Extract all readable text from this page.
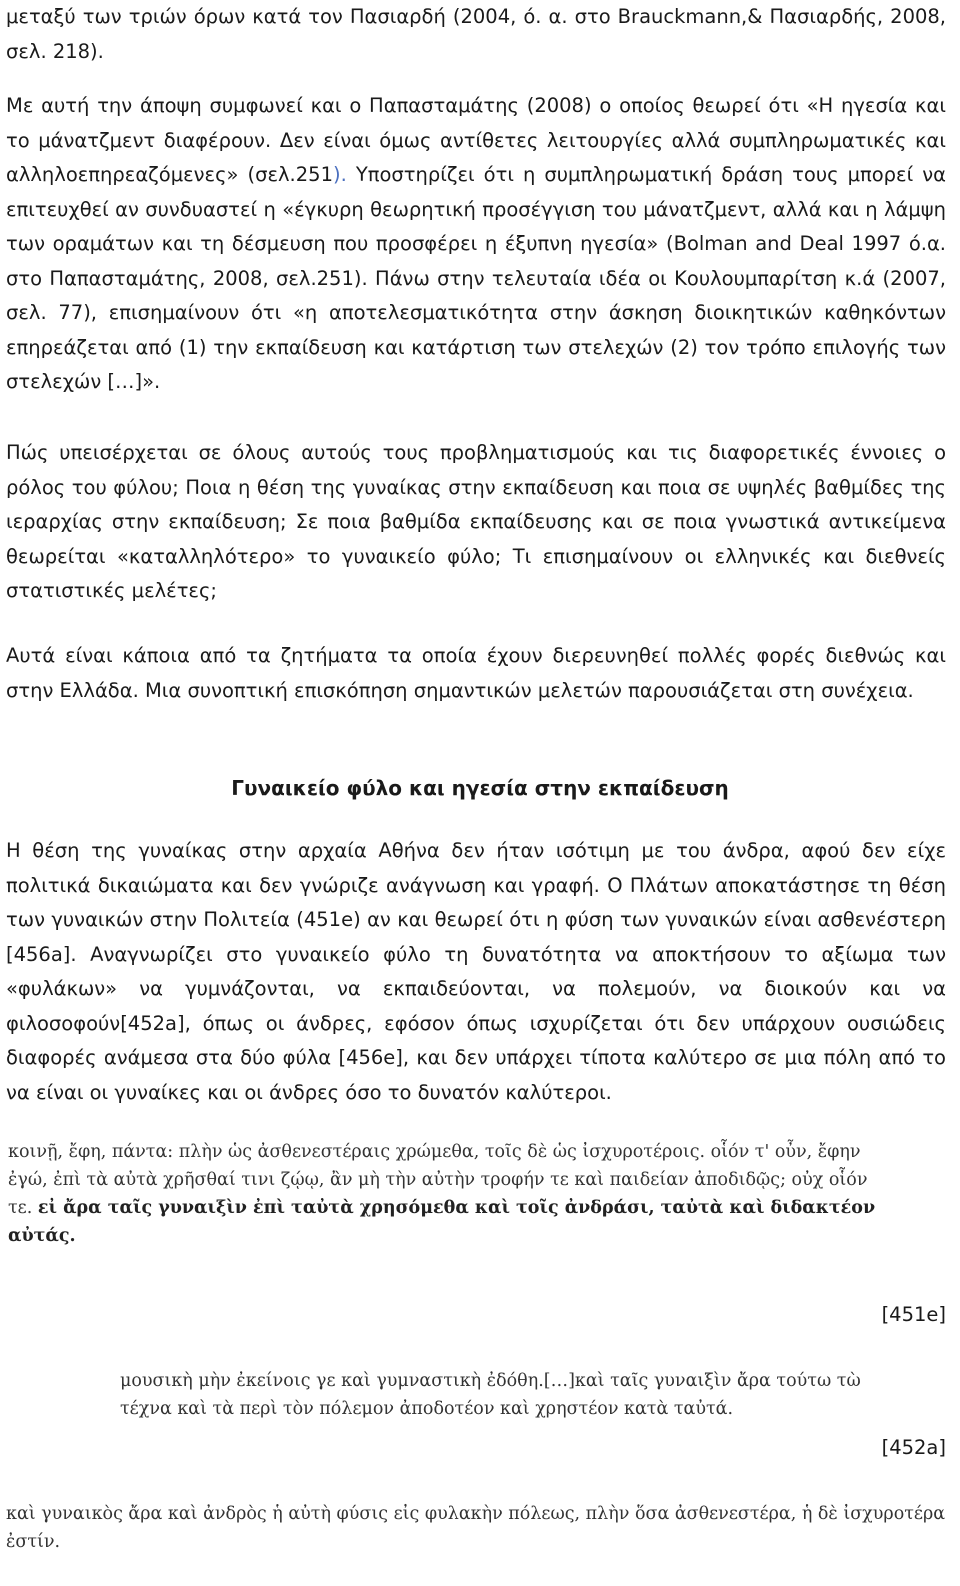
μεταξύ των τριών όρων κατά τον Πασιαρδή (2004, ό. α. στο Brauckmann,& Πασιαρδής, 2008, σελ. 218).

Με αυτή την άποψη συμφωνεί και ο Παπασταμάτης (2008) ο οποίος θεωρεί ότι «Η ηγεσία και το μάνατζμεντ διαφέρουν. Δεν είναι όμως αντίθετες λειτουργίες αλλά συμπληρωματικές και αλληλοεπηρεαζόμενες» (σελ.251). Υποστηρίζει ότι η συμπληρωματική δράση τους μπορεί να επιτευχθεί αν συνδυαστεί η «έγκυρη θεωρητική προσέγγιση του μάνατζμεντ, αλλά και η λάμψη των οραμάτων και τη δέσμευση που προσφέρει η έξυπνη ηγεσία» (Bolman and Deal 1997 ό.α. στο Παπασταμάτης, 2008, σελ.251). Πάνω στην τελευταία ιδέα οι Κουλουμπαρίτση κ.ά (2007, σελ. 77), επισημαίνουν ότι «η αποτελεσματικότητα στην άσκηση διοικητικών καθηκόντων επηρεάζεται από (1) την εκπαίδευση και κατάρτιση των στελεχών (2) τον τρόπο επιλογής των στελεχών […]».

Πώς υπεισέρχεται σε όλους αυτούς τους προβληματισμούς και τις διαφορετικές έννοιες ο ρόλος του φύλου; Ποια η θέση της γυναίκας στην εκπαίδευση και ποια σε υψηλές βαθμίδες της ιεραρχίας στην εκπαίδευση; Σε ποια βαθμίδα εκπαίδευσης και σε ποια γνωστικά αντικείμενα θεωρείται «καταλληλότερο» το γυναικείο φύλο; Τι επισημαίνουν οι ελληνικές και διεθνείς στατιστικές μελέτες;

Αυτά είναι κάποια από τα ζητήματα τα οποία έχουν διερευνηθεί πολλές φορές διεθνώς και στην Ελλάδα. Μια συνοπτική επισκόπηση σημαντικών μελετών παρουσιάζεται στη συνέχεια.

Γυναικείο φύλο και ηγεσία στην εκπαίδευση

Η θέση της γυναίκας στην αρχαία Αθήνα δεν ήταν ισότιμη με του άνδρα, αφού δεν είχε πολιτικά δικαιώματα και δεν γνώριζε ανάγνωση και γραφή. Ο Πλάτων αποκατάστησε τη θέση των γυναικών στην Πολιτεία (451e) αν και θεωρεί ότι η φύση των γυναικών είναι ασθενέστερη [456a]. Αναγνωρίζει στο γυναικείο φύλο τη δυνατότητα να αποκτήσουν το αξίωμα των «φυλάκων» να γυμνάζονται, να εκπαιδεύονται, να πολεμούν, να διοικούν και να φιλοσοφούν[452a], όπως οι άνδρες, εφόσον όπως ισχυρίζεται ότι δεν υπάρχουν ουσιώδεις διαφορές ανάμεσα στα δύο φύλα [456e], και δεν υπάρχει τίποτα καλύτερο σε μια πόλη από το να είναι οι γυναίκες και οι άνδρες όσο το δυνατόν καλύτεροι.

κοινῇ, ἔφη, πάντα: πλὴν ὡς ἀσθενεστέραις χρώμεθα, τοῖς δὲ ὡς ἰσχυροτέροις. οἷόν τ' οὖν, ἔφην ἐγώ, ἐπὶ τὰ αὐτὰ χρῆσθαί τινι ζῴῳ, ἂν μὴ τὴν αὐτὴν τροφήν τε καὶ παιδείαν ἀποδιδῷς; οὐχ οἷόν τε. εἰ ἄρα ταῖς γυναιξὶν ἐπὶ ταὐτὰ χρησόμεθα καὶ τοῖς ἀνδράσι, ταὐτὰ καὶ διδακτέον αὐτάς.
[451e]
μουσικὴ μὴν ἐκείνοις γε καὶ γυμναστικὴ ἐδόθη.[…]καὶ ταῖς γυναιξὶν ἄρα τούτω τὼ τέχνα καὶ τὰ περὶ τὸν πόλεμον ἀποδοτέον καὶ χρηστέον κατὰ ταὐτά.
[452a]
καὶ γυναικὸς ἄρα καὶ ἀνδρὸς ἡ αὐτὴ φύσις εἰς φυλακὴν πόλεως, πλὴν ὅσα ἀσθενεστέρα, ἡ δὲ ἰσχυροτέρα ἐστίν.
